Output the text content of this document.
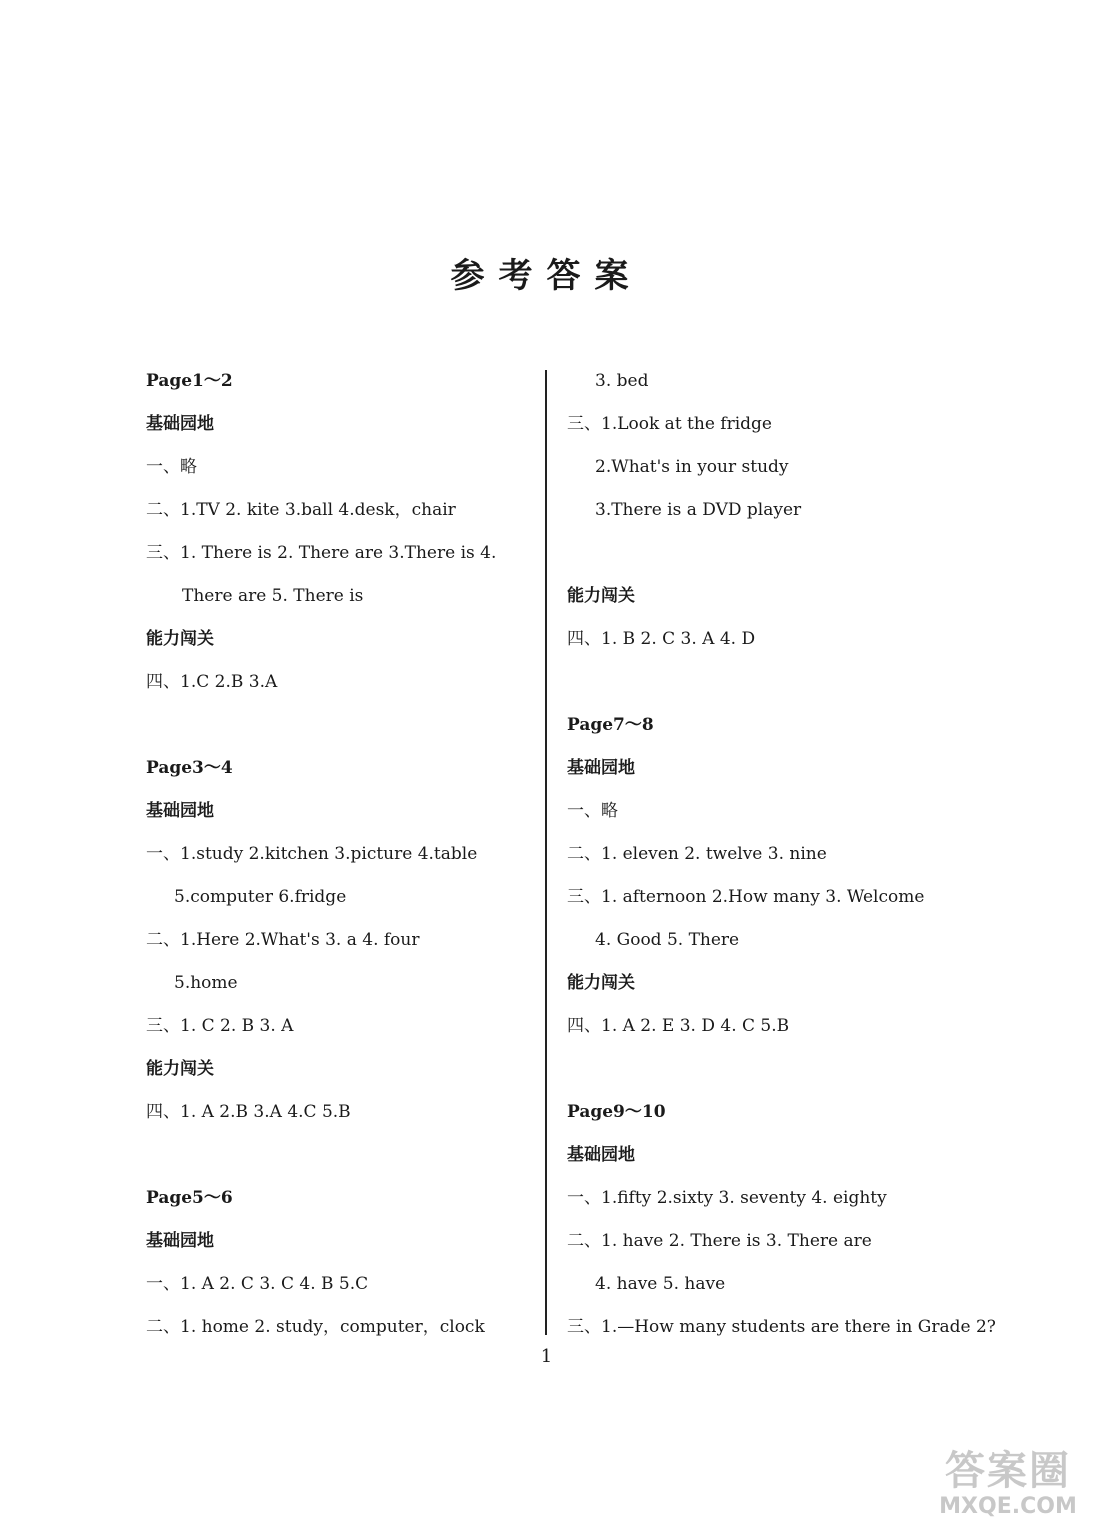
参考答案
Page1～2
基础园地
一、略
二、1.TV 2. kite 3.ball 4.desk，chair
三、1. There is 2. There are 3.There is 4.
There are 5. There is
能力闯关
四、1.C 2.B 3.A
Page3～4
基础园地
一、1.study 2.kitchen 3.picture 4.table
5.computer 6.fridge
二、1.Here 2.What's 3. a 4. four
5.home
三、1. C 2. B 3. A
能力闯关
四、1. A 2.B 3.A 4.C 5.B
Page5～6
基础园地
一、1. A 2. C 3. C 4. B 5.C
二、1. home 2. study，computer，clock
3. bed
三、1.Look at the fridge
2.What's in your study
3.There is a DVD player
能力闯关
四、1. B 2. C 3. A 4. D
Page7～8
基础园地
一、略
二、1. eleven 2. twelve 3. nine
三、1. afternoon 2.How many 3. Welcome
4. Good 5. There
能力闯关
四、1. A 2. E 3. D 4. C 5.B
Page9～10
基础园地
一、1.fifty 2.sixty 3. seventy 4. eighty
二、1. have 2. There is 3. There are
4. have 5. have
三、1.—How many students are there in Grade 2?
1
答案圈
MXQE.COM
